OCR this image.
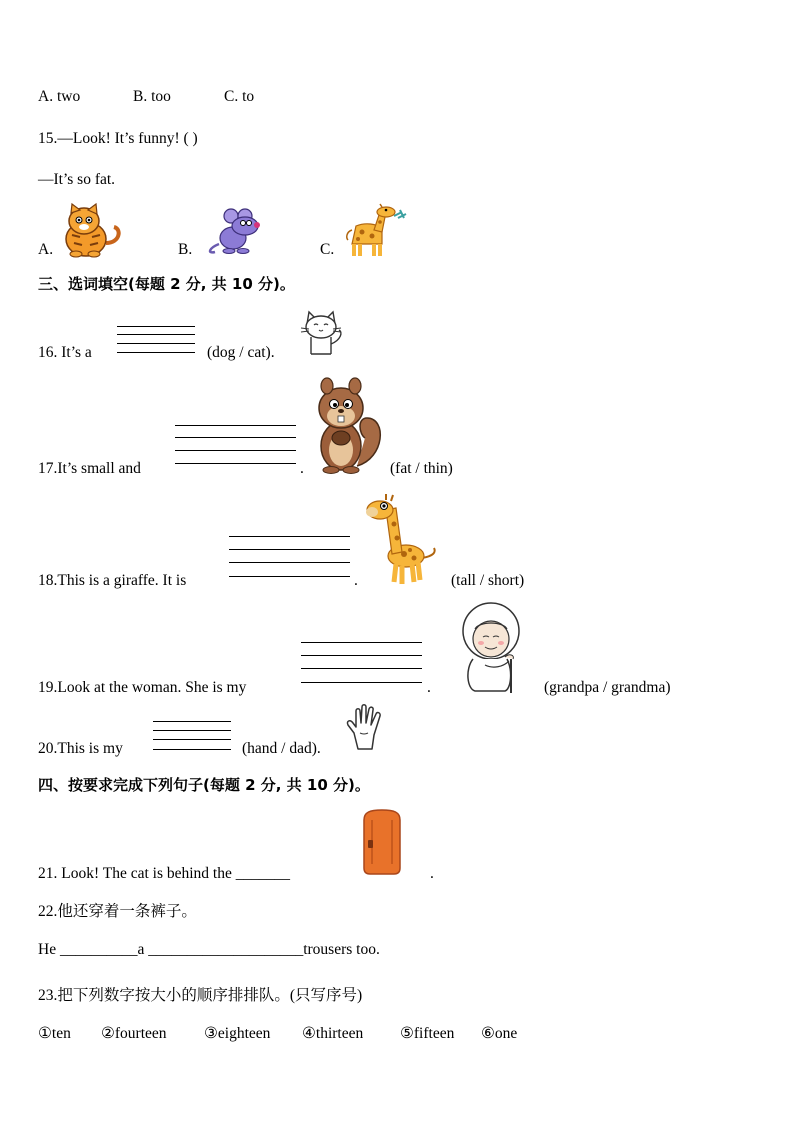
A. two	B. too	C. to
15.—Look! It’s funny! ( )
—It’s so fat.
A.	B.	C.
三、选词填空(每题 2 分, 共 10 分)。
16. It’s a	(dog / cat).
17.It’s small and	.	(fat / thin)
18.This is a giraffe. It is	.	(tall / short)
19.Look at the woman. She is my	.	(grandpa / grandma)
20.This is my	(hand / dad).
四、按要求完成下列句子(每题 2 分, 共 10 分)。
21. Look! The cat is behind the _______	.
22.他还穿着一条裤子。
He __________a ____________________trousers too.
23.把下列数字按大小的顺序排排队。(只写序号)
①ten ②fourteen ③eighteen ④thirteen ⑤fifteen ⑥one
